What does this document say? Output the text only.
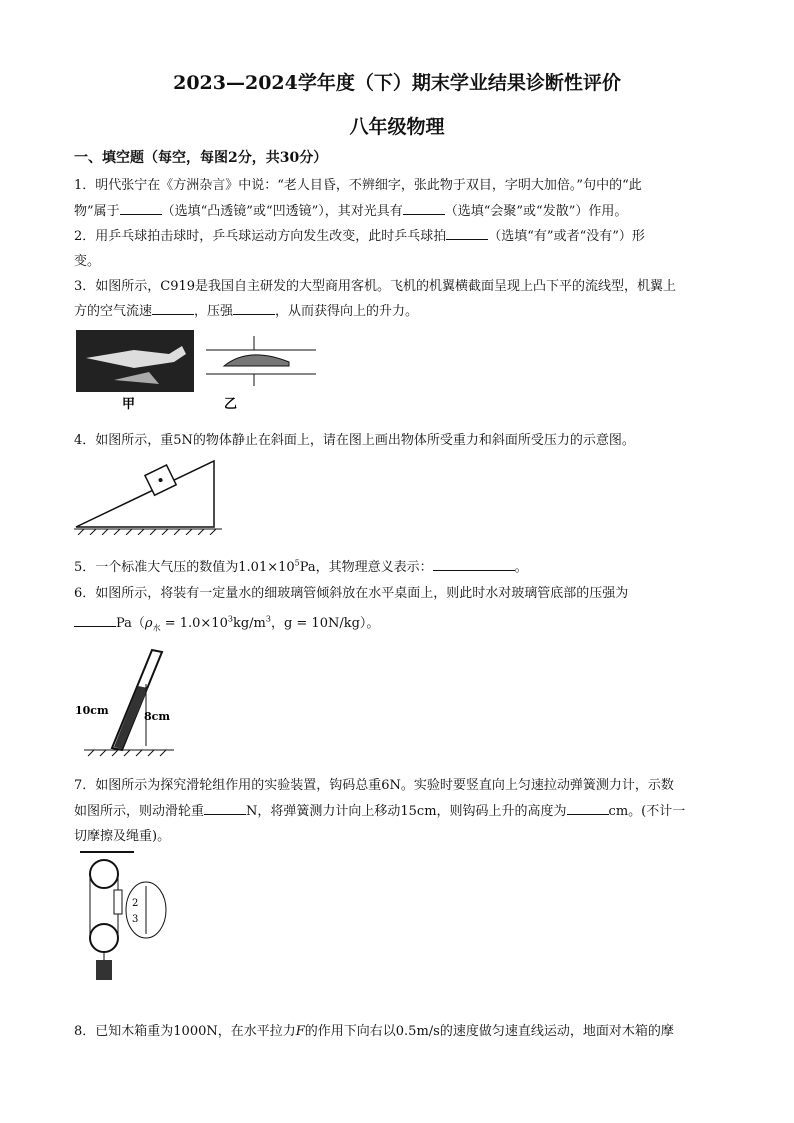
2023—2024学年度（下）期末学业结果诊断性评价
八年级物理
一、填空题（每空，每图2分，共30分）
1．明代张宁在《方洲杂言》中说：“老人目昏，不辨细字，张此物于双目，字明大加倍。”句中的“此
物”属于	（选填“凸透镜”或“凹透镜”），其对光具有	（选填“会聚”或“发散”）作用。
2．用乒乓球拍击球时，乒乓球运动方向发生改变，此时乒乓球拍	（选填“有”或者“没有”）形
变。
3．如图所示，C919是我国自主研发的大型商用客机。飞机的机翼横截面呈现上凸下平的流线型，机翼上
方的空气流速	，压强	，从而获得向上的升力。
甲	乙
4．如图所示，重5N的物体静止在斜面上，请在图上画出物体所受重力和斜面所受压力的示意图。
5．一个标准大气压的数值为$1.01\times 10^5Pa$，其物理意义表示：	。
6．如图所示，将装有一定量水的细玻璃管倾斜放在水平桌面上，则此时水对玻璃管底部的压强为
$Pa(\rho_水 = 1.0\times 10^3kg/m^3$，g = 10N/kg）。
10cm	8cm
7．如图所示为探究滑轮组作用的实验装置，钩码总重6N。实验时要竖直向上匀速拉动弹簧测力计，示数
如图所示，则动滑轮重	N，将弹簧测力计向上移动15cm，则钩码上升的高度为	cm。(不计一
切摩擦及绳重)。
2
3
8．已知木箱重为1000N，在水平拉力F的作用下向右以0.5m/s的速度做匀速直线运动，地面对木箱的摩
